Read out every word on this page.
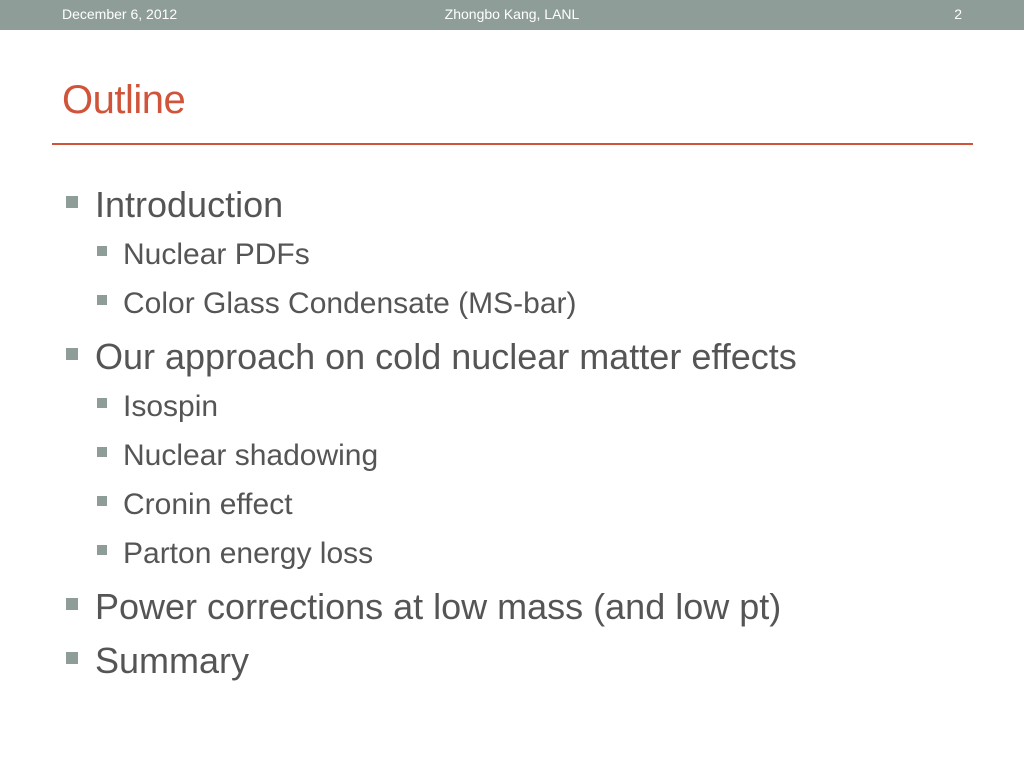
December 6, 2012	Zhongbo Kang, LANL	2
Outline
Introduction
Nuclear PDFs
Color Glass Condensate (MS-bar)
Our approach on cold nuclear matter effects
Isospin
Nuclear shadowing
Cronin effect
Parton energy loss
Power corrections at low mass (and low pt)
Summary
